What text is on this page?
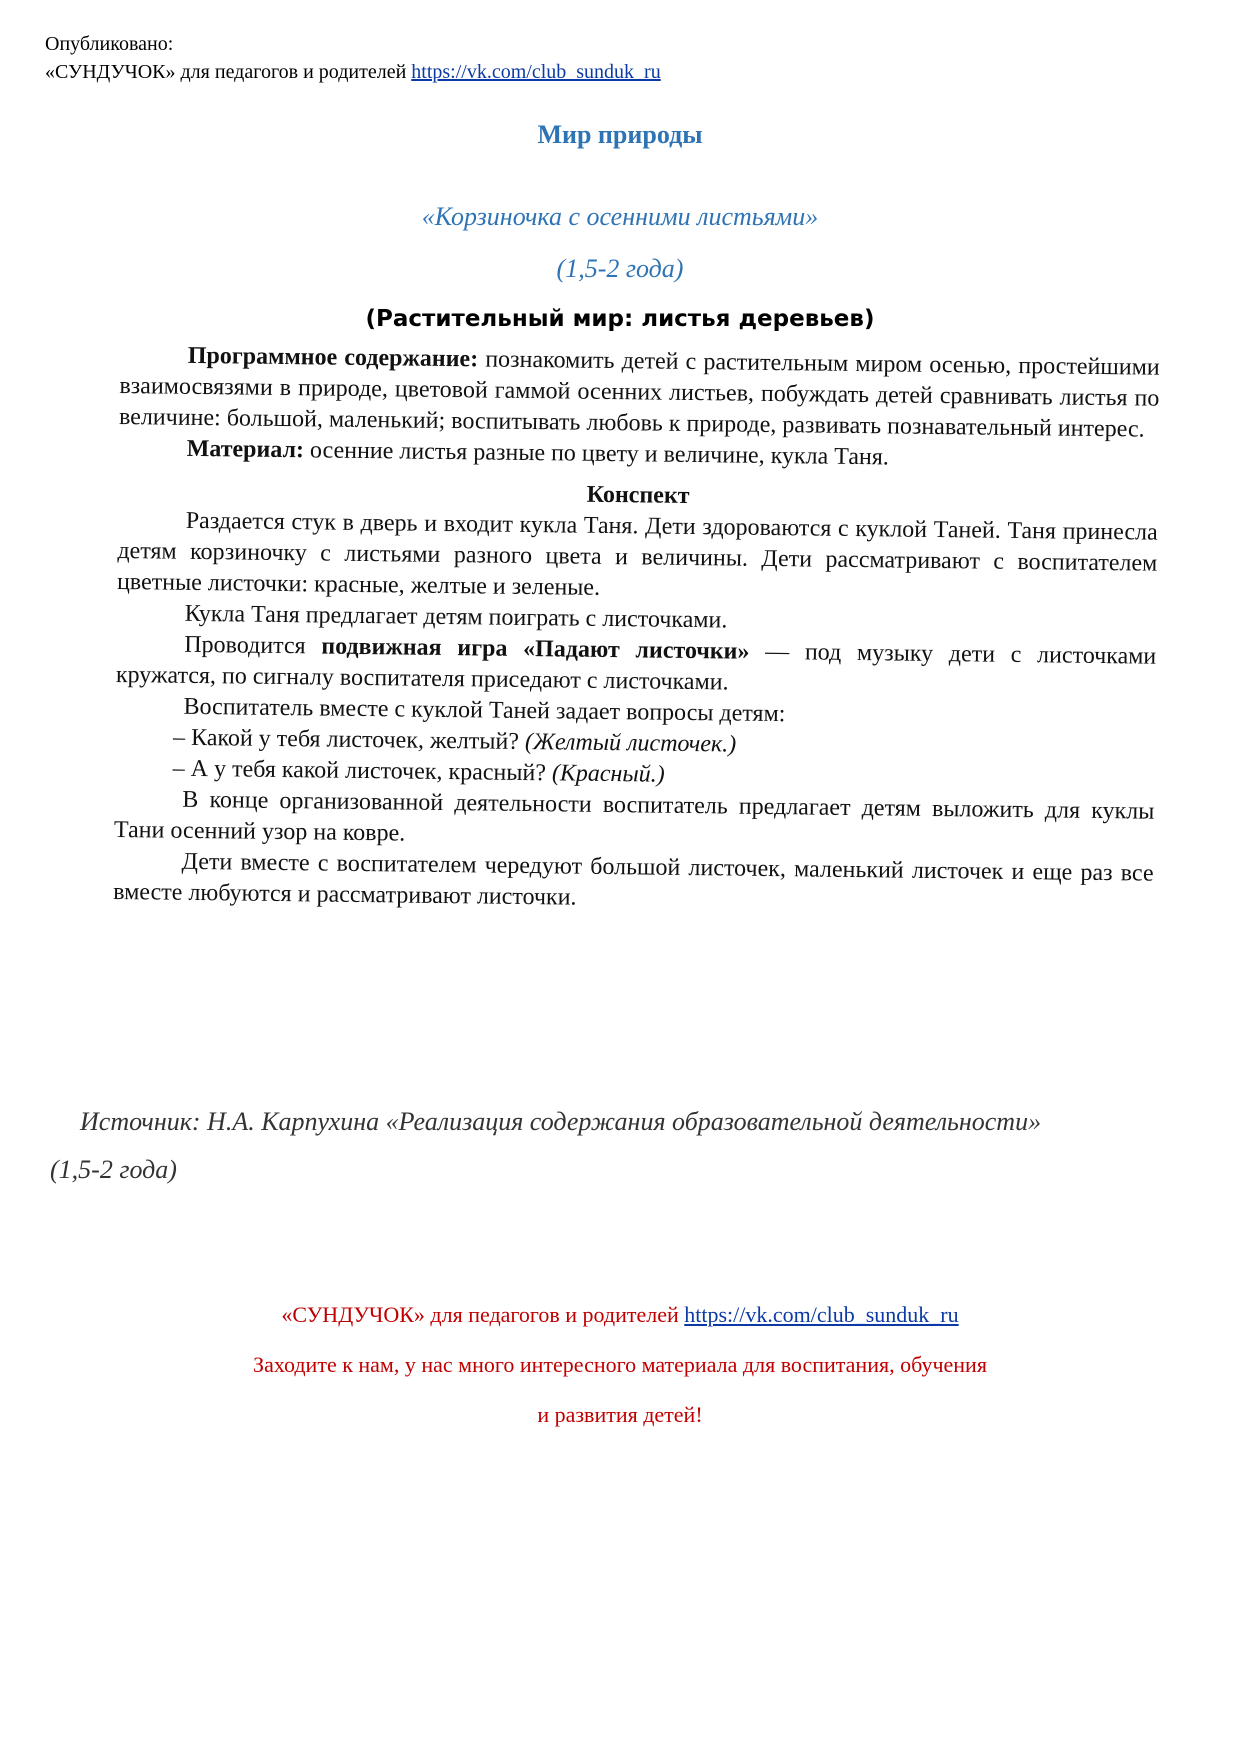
Опубликовано:
«СУНДУЧОК» для педагогов и родителей https://vk.com/club_sunduk_ru
Мир природы
«Корзиночка с осенними листьями»
(1,5-2 года)
(Растительный мир: листья деревьев)

Программное содержание: познакомить детей с растительным миром осенью, простейшими взаимосвязями в природе, цветовой гаммой осенних листьев, побуждать детей сравнивать листья по величине: большой, маленький; воспитывать любовь к природе, развивать познавательный интерес.

Материал: осенние листья разные по цвету и величине, кукла Таня.

Конспект

Раздается стук в дверь и входит кукла Таня. Дети здороваются с куклой Таней. Таня принесла детям корзиночку с листьями разного цвета и величины. Дети рассматривают с воспитателем цветные листочки: красные, желтые и зеленые.

Кукла Таня предлагает детям поиграть с листочками.

Проводится подвижная игра «Падают листочки» — под музыку дети с листочками кружатся, по сигналу воспитателя приседают с листочками.

Воспитатель вместе с куклой Таней задает вопросы детям:

– Какой у тебя листочек, желтый? (Желтый листочек.)

– А у тебя какой листочек, красный? (Красный.)

В конце организованной деятельности воспитатель предлагает детям выложить для куклы Тани осенний узор на ковре.

Дети вместе с воспитателем чередуют большой листочек, маленький листочек и еще раз все вместе любуются и рассматривают листочки.

Источник: Н.А. Карпухина «Реализация содержания образовательной деятельности»
(1,5-2 года)
«СУНДУЧОК» для педагогов и родителей https://vk.com/club_sunduk_ru
Заходите к нам, у нас много интересного материала для воспитания, обучения
и развития детей!
